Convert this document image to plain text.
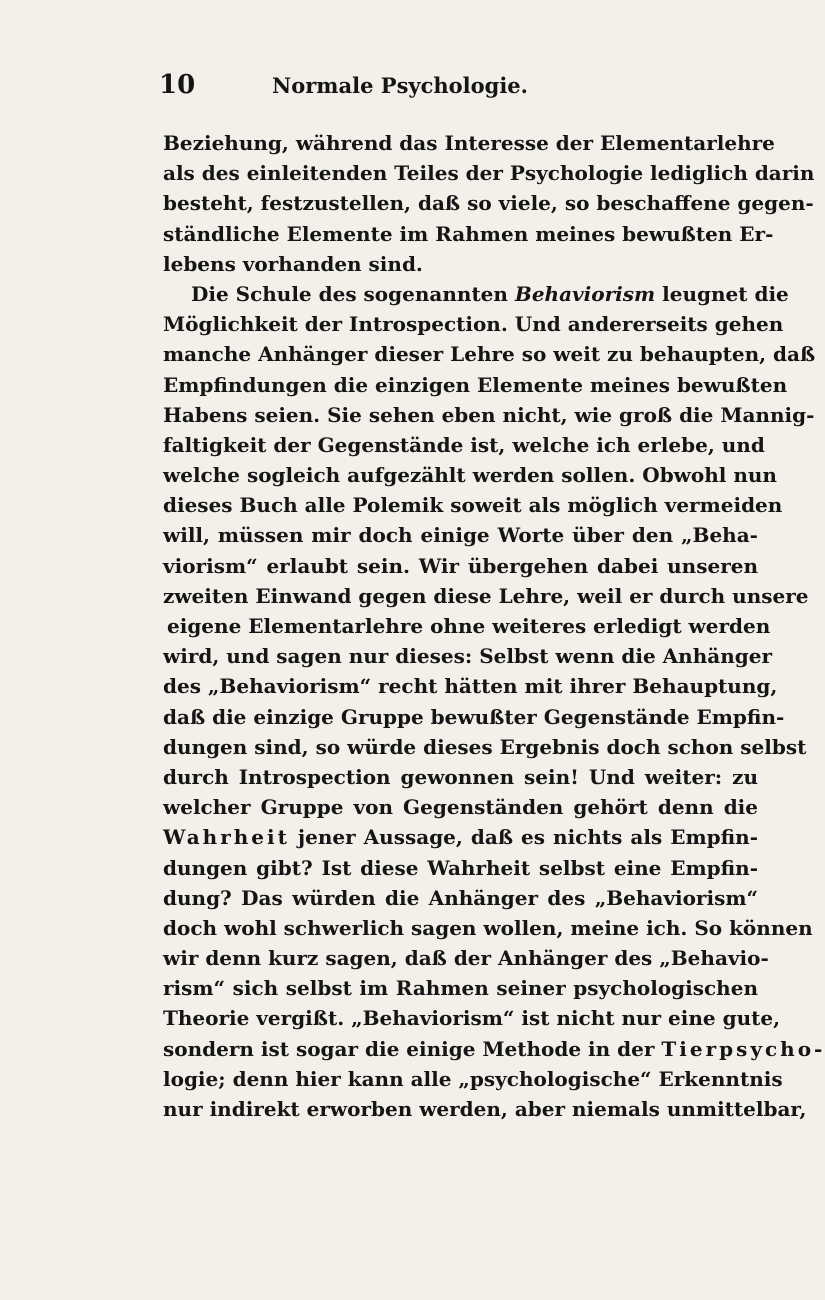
10	Normale Psychologie.
Beziehung, während das Interesse der Elementarlehre
als des einleitenden Teiles der Psychologie lediglich darin
besteht, festzustellen, daß so viele, so beschaffene gegen-
ständliche Elemente im Rahmen meines bewußten Er-
lebens vorhanden sind.
Die Schule des sogenannten Behaviorism leugnet die
Möglichkeit der Introspection. Und andererseits gehen
manche Anhänger dieser Lehre so weit zu behaupten, daß
Empfindungen die einzigen Elemente meines bewußten
Habens seien. Sie sehen eben nicht, wie groß die Mannig-
faltigkeit der Gegenstände ist, welche ich erlebe, und
welche sogleich aufgezählt werden sollen. Obwohl nun
dieses Buch alle Polemik soweit als möglich vermeiden
will, müssen mir doch einige Worte über den „Beha-
viorism“ erlaubt sein. Wir übergehen dabei unseren
zweiten Einwand gegen diese Lehre, weil er durch unsere
eigene Elementarlehre ohne weiteres erledigt werden
wird, und sagen nur dieses: Selbst wenn die Anhänger
des „Behaviorism“ recht hätten mit ihrer Behauptung,
daß die einzige Gruppe bewußter Gegenstände Empfin-
dungen sind, so würde dieses Ergebnis doch schon selbst
durch Introspection gewonnen sein! Und weiter: zu
welcher Gruppe von Gegenständen gehört denn die
Wahrheit jener Aussage, daß es nichts als Empfin-
dungen gibt? Ist diese Wahrheit selbst eine Empfin-
dung? Das würden die Anhänger des „Behaviorism“
doch wohl schwerlich sagen wollen, meine ich. So können
wir denn kurz sagen, daß der Anhänger des „Behavio-
rism“ sich selbst im Rahmen seiner psychologischen
Theorie vergißt. „Behaviorism“ ist nicht nur eine gute,
sondern ist sogar die einige Methode in der Tierpsycho-
logie; denn hier kann alle „psychologische“ Erkenntnis
nur indirekt erworben werden, aber niemals unmittelbar,
